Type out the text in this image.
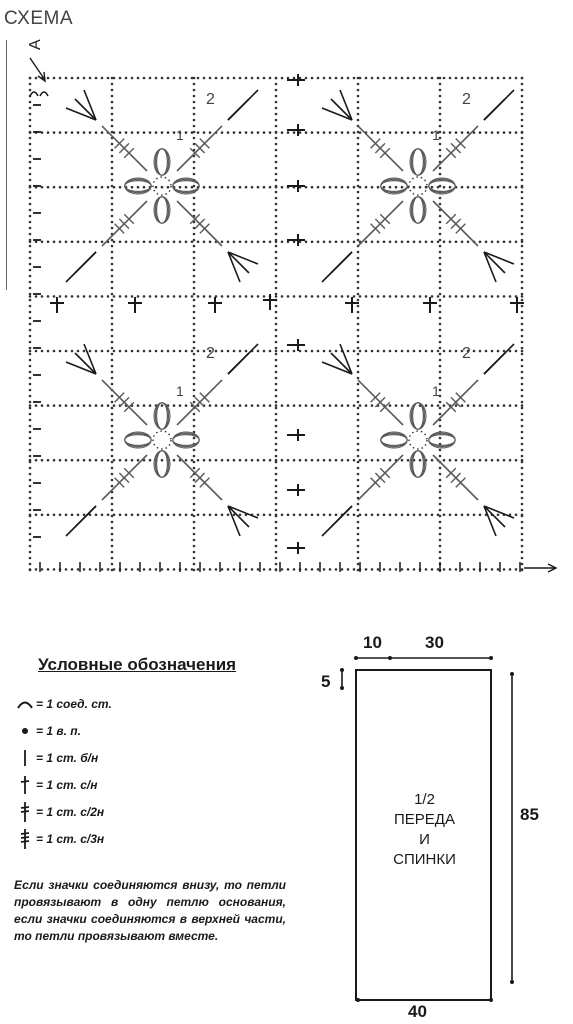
СХЕМА
2	2
2	2
1	1
1	1
А
Условные обозначения
= 1 соед. ст.
= 1 в. п.
= 1 ст. б/н
= 1 ст. с/н
= 1 ст. с/2н
= 1 ст. с/3н
Если значки соединяются внизу, то петли провязывают в одну петлю основания, если значки соединяются в верхней части, то петли провязывают вместе.
10	30
5
85
40
1/2
ПЕРЕДА
И
СПИНКИ
